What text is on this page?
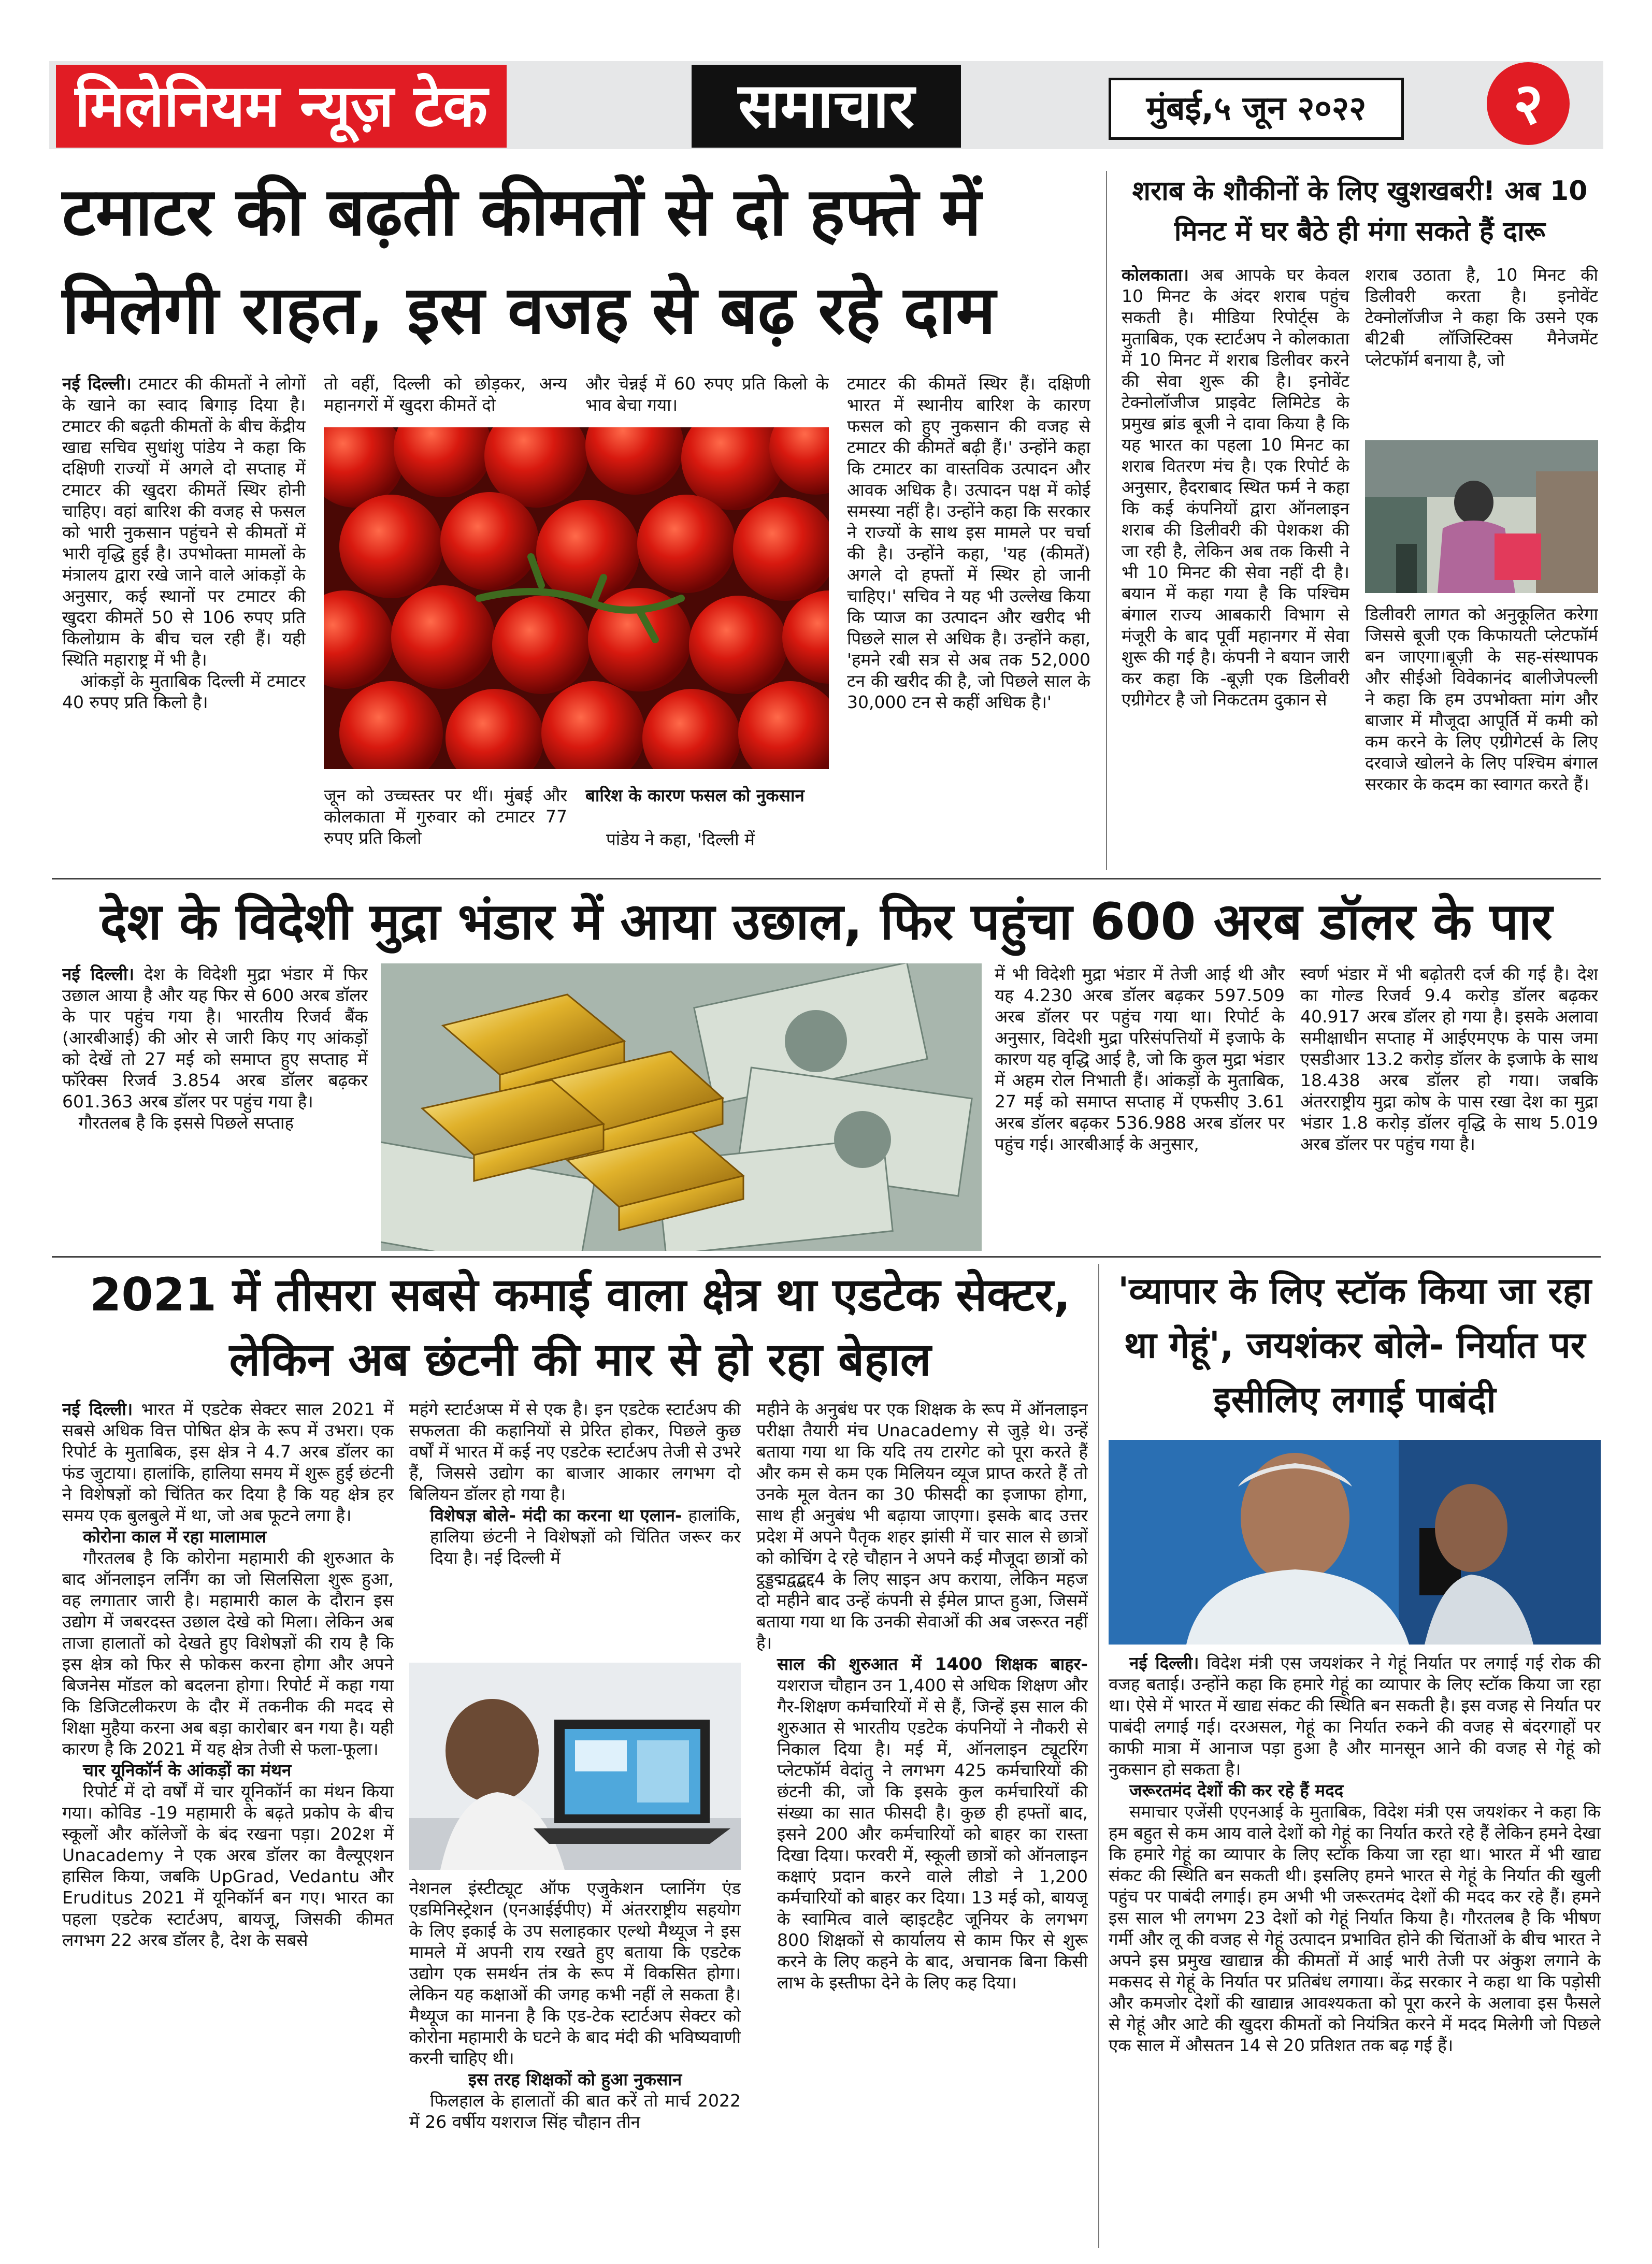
मिलेनियम न्यूज़ टेक	समाचार	मुंबई,५ जून २०२२	२
टमाटर की बढ़ती कीमतों से दो हफ्ते में
मिलेगी राहत, इस वजह से बढ़ रहे दाम

नई दिल्ली। टमाटर की कीमतों ने लोगों के खाने का स्वाद बिगाड़ दिया है। टमाटर की बढ़ती कीमतों के बीच केंद्रीय खाद्य सचिव सुधांशु पांडेय ने कहा कि दक्षिणी राज्यों में अगले दो सप्ताह में टमाटर की खुदरा कीमतें स्थिर होनी चाहिए। वहां बारिश की वजह से फसल को भारी नुकसान पहुंचने से कीमतों में भारी वृद्धि हुई है। उपभोक्ता मामलों के मंत्रालय द्वारा रखे जाने वाले आंकड़ों के अनुसार, कई स्थानों पर टमाटर की खुदरा कीमतें 50 से 106 रुपए प्रति किलोग्राम के बीच चल रही हैं। यही स्थिति महाराष्ट्र में भी है।

आंकड़ों के मुताबिक दिल्ली में टमाटर 40 रुपए प्रति किलो है।

तो वहीं, दिल्ली को छोड़कर, अन्य महानगरों में खुदरा कीमतें दो
और चेन्नई में 60 रुपए प्रति किलो के भाव बेचा गया।
जून को उच्चस्तर पर थीं। मुंबई और कोलकाता में गुरुवार को टमाटर 77 रुपए प्रति किलो
बारिश के कारण फसल को नुकसान
पांडेय ने कहा, 'दिल्ली में
टमाटर की कीमतें स्थिर हैं। दक्षिणी भारत में स्थानीय बारिश के कारण फसल को हुए नुकसान की वजह से टमाटर की कीमतें बढ़ी हैं।' उन्होंने कहा कि टमाटर का वास्तविक उत्पादन और आवक अधिक है। उत्पादन पक्ष में कोई समस्या नहीं है। उन्होंने कहा कि सरकार ने राज्यों के साथ इस मामले पर चर्चा की है। उन्होंने कहा, 'यह (कीमतें) अगले दो हफ्तों में स्थिर हो जानी चाहिए।' सचिव ने यह भी उल्लेख किया कि प्याज का उत्पादन और खरीद भी पिछले साल से अधिक है। उन्होंने कहा, 'हमने रबी सत्र से अब तक 52,000 टन की खरीद की है, जो पिछले साल के 30,000 टन से कहीं अधिक है।'
शराब के शौकीनों के लिए खुशखबरी! अब 10 मिनट में घर बैठे ही मंगा सकते हैं दारू

कोलकाता। अब आपके घर केवल 10 मिनट के अंदर शराब पहुंच सकती है। मीडिया रिपोर्ट्स के मुताबिक, एक स्टार्टअप ने कोलकाता में 10 मिनट में शराब डिलीवर करने की सेवा शुरू की है। इनोवेंट टेक्नोलॉजीज प्राइवेट लिमिटेड के प्रमुख ब्रांड बूजी ने दावा किया है कि यह भारत का पहला 10 मिनट का शराब वितरण मंच है। एक रिपोर्ट के अनुसार, हैदराबाद स्थित फर्म ने कहा कि कई कंपनियों द्वारा ऑनलाइन शराब की डिलीवरी की पेशकश की जा रही है, लेकिन अब तक किसी ने भी 10 मिनट की सेवा नहीं दी है।बयान में कहा गया है कि पश्चिम बंगाल राज्य आबकारी विभाग से मंजूरी के बाद पूर्वी महानगर में सेवा शुरू की गई है। कंपनी ने बयान जारी कर कहा कि -बूज़ी एक डिलीवरी एग्रीगेटर है जो निकटतम दुकान से

शराब उठाता है, 10 मिनट की डिलीवरी करता है। इनोवेंट टेक्नोलॉजीज ने कहा कि उसने एक बी2बी लॉजिस्टिक्स मैनेजमेंट प्लेटफॉर्म बनाया है, जो
डिलीवरी लागत को अनुकूलित करेगा जिससे बूजी एक किफायती प्लेटफॉर्म बन जाएगा।बूज़ी के सह-संस्थापक और सीईओ विवेकानंद बालीजेपल्ली ने कहा कि हम उपभोक्ता मांग और बाजार में मौजूदा आपूर्ति में कमी को कम करने के लिए एग्रीगेटर्स के लिए दरवाजे खोलने के लिए पश्चिम बंगाल सरकार के कदम का स्वागत करते हैं।
देश के विदेशी मुद्रा भंडार में आया उछाल, फिर पहुंचा 600 अरब डॉलर के पार

नई दिल्ली। देश के विदेशी मुद्रा भंडार में फिर उछाल आया है और यह फिर से 600 अरब डॉलर के पार पहुंच गया है। भारतीय रिजर्व बैंक (आरबीआई) की ओर से जारी किए गए आंकड़ों को देखें तो 27 मई को समाप्त हुए सप्ताह में फॉरेक्स रिजर्व 3.854 अरब डॉलर बढ़कर 601.363 अरब डॉलर पर पहुंच गया है।

गौरतलब है कि इससे पिछले सप्ताह

में भी विदेशी मुद्रा भंडार में तेजी आई थी और यह 4.230 अरब डॉलर बढ़कर 597.509 अरब डॉलर पर पहुंच गया था। रिपोर्ट के अनुसार, विदेशी मुद्रा परिसंपत्तियों में इजाफे के कारण यह वृद्धि आई है, जो कि कुल मुद्रा भंडार में अहम रोल निभाती हैं। आंकड़ों के मुताबिक, 27 मई को समाप्त सप्ताह में एफसीए 3.61 अरब डॉलर बढ़कर 536.988 अरब डॉलर पर पहुंच गई। आरबीआई के अनुसार,
स्वर्ण भंडार में भी बढ़ोतरी दर्ज की गई है। देश का गोल्ड रिजर्व 9.4 करोड़ डॉलर बढ़कर 40.917 अरब डॉलर हो गया है। इसके अलावा समीक्षाधीन सप्ताह में आईएमएफ के पास जमा एसडीआर 13.2 करोड़ डॉलर के इजाफे के साथ 18.438 अरब डॉलर हो गया। जबकि अंतरराष्ट्रीय मुद्रा कोष के पास रखा देश का मुद्रा भंडार 1.8 करोड़ डॉलर वृद्धि के साथ 5.019 अरब डॉलर पर पहुंच गया है।
2021 में तीसरा सबसे कमाई वाला क्षेत्र था एडटेक सेक्टर,
लेकिन अब छंटनी की मार से हो रहा बेहाल

नई दिल्ली। भारत में एडटेक सेक्टर साल 2021 में सबसे अधिक वित्त पोषित क्षेत्र के रूप में उभरा। एक रिपोर्ट के मुताबिक, इस क्षेत्र ने 4.7 अरब डॉलर का फंड जुटाया। हालांकि, हालिया समय में शुरू हुई छंटनी ने विशेषज्ञों को चिंतित कर दिया है कि यह क्षेत्र हर समय एक बुलबुले में था, जो अब फूटने लगा है।

कोरोना काल में रहा मालामाल

गौरतलब है कि कोरोना महामारी की शुरुआत के बाद ऑनलाइन लर्निंग का जो सिलसिला शुरू हुआ, वह लगातार जारी है। महामारी काल के दौरान इस उद्योग में जबरदस्त उछाल देखे को मिला। लेकिन अब ताजा हालातों को देखते हुए विशेषज्ञों की राय है कि इस क्षेत्र को फिर से फोकस करना होगा और अपने बिजनेस मॉडल को बदलना होगा। रिपोर्ट में कहा गया कि डिजिटलीकरण के दौर में तकनीक की मदद से शिक्षा मुहैया करना अब बड़ा कारोबार बन गया है। यही कारण है कि 2021 में यह क्षेत्र तेजी से फला-फूला।

चार यूनिकॉर्न के आंकड़ों का मंथन

रिपोर्ट में दो वर्षों में चार यूनिकॉर्न का मंथन किया गया। कोविड -19 महामारी के बढ़ते प्रकोप के बीच स्कूलों और कॉलेजों के बंद रखना पड़ा। 202श में Unacademy ने एक अरब डॉलर का वैल्यूएशन हासिल किया, जबकि UpGrad, Vedantu और Eruditus 2021 में यूनिकॉर्न बन गए। भारत का पहला एडटेक स्टार्टअप, बायजू, जिसकी कीमत लगभग 22 अरब डॉलर है, देश के सबसे

महंगे स्टार्टअप्स में से एक है। इन एडटेक स्टार्टअप की सफलता की कहानियों से प्रेरित होकर, पिछले कुछ वर्षों में भारत में कई नए एडटेक स्टार्टअप तेजी से उभरे हैं, जिससे उद्योग का बाजार आकार लगभग दो बिलियन डॉलर हो गया है।

विशेषज्ञ बोले- मंदी का करना था एलान- हालांकि, हालिया छंटनी ने विशेषज्ञों को चिंतित जरूर कर दिया है। नई दिल्ली में

नेशनल इंस्टीट्यूट ऑफ एजुकेशन प्लानिंग एंड एडमिनिस्ट्रेशन (एनआईईपीए) में अंतरराष्ट्रीय सहयोग के लिए इकाई के उप सलाहकार एल्थो मैथ्यूज ने इस मामले में अपनी राय रखते हुए बताया कि एडटेक उद्योग एक समर्थन तंत्र के रूप में विकसित होगा। लेकिन यह कक्षाओं की जगह कभी नहीं ले सकता है। मैथ्यूज का मानना है कि एड-टेक स्टार्टअप सेक्टर को कोरोना महामारी के घटने के बाद मंदी की भविष्यवाणी करनी चाहिए थी।

इस तरह शिक्षकों को हुआ नुकसान

फिलहाल के हालातों की बात करें तो मार्च 2022 में 26 वर्षीय यशराज सिंह चौहान तीन

महीने के अनुबंध पर एक शिक्षक के रूप में ऑनलाइन परीक्षा तैयारी मंच Unacademy से जुड़े थे। उन्हें बताया गया था कि यदि तय टारगेट को पूरा करते हैं और कम से कम एक मिलियन व्यूज प्राप्त करते हैं तो उनके मूल वेतन का 30 फीसदी का इजाफा होगा, साथ ही अनुबंध भी बढ़ाया जाएगा। इसके बाद उत्तर प्रदेश में अपने पैतृक शहर झांसी में चार साल से छात्रों को कोचिंग दे रहे चौहान ने अपने कई मौजूदा छात्रों को ट्ठड्डद्मद्वद्बद्द4 के लिए साइन अप कराया, लेकिन महज दो महीने बाद उन्हें कंपनी से ईमेल प्राप्त हुआ, जिसमें बताया गया था कि उनकी सेवाओं की अब जरूरत नहीं है।

साल की शुरुआत में 1400 शिक्षक बाहर- यशराज चौहान उन 1,400 से अधिक शिक्षण और गैर-शिक्षण कर्मचारियों में से हैं, जिन्हें इस साल की शुरुआत से भारतीय एडटेक कंपनियों ने नौकरी से निकाल दिया है। मई में, ऑनलाइन ट्यूटरिंग प्लेटफॉर्म वेदांतु ने लगभग 425 कर्मचारियों की छंटनी की, जो कि इसके कुल कर्मचारियों की संख्या का सात फीसदी है। कुछ ही हफ्तों बाद, इसने 200 और कर्मचारियों को बाहर का रास्ता दिखा दिया। फरवरी में, स्कूली छात्रों को ऑनलाइन कक्षाएं प्रदान करने वाले लीडो ने 1,200 कर्मचारियों को बाहर कर दिया। 13 मई को, बायजू के स्वामित्व वाले व्हाइटहैट जूनियर के लगभग 800 शिक्षकों से कार्यालय से काम फिर से शुरू करने के लिए कहने के बाद, अचानक बिना किसी लाभ के इस्तीफा देने के लिए कह दिया।

'व्यापार के लिए स्टॉक किया जा रहा था गेहूं', जयशंकर बोले- निर्यात पर इसीलिए लगाई पाबंदी

नई दिल्ली। विदेश मंत्री एस जयशंकर ने गेहूं निर्यात पर लगाई गई रोक की वजह बताई। उन्होंने कहा कि हमारे गेहूं का व्यापार के लिए स्टॉक किया जा रहा था। ऐसे में भारत में खाद्य संकट की स्थिति बन सकती है। इस वजह से निर्यात पर पाबंदी लगाई गई। दरअसल, गेहूं का निर्यात रुकने की वजह से बंदरगाहों पर काफी मात्रा में आनाज पड़ा हुआ है और मानसून आने की वजह से गेहूं को नुकसान हो सकता है।

जरूरतमंद देशों की कर रहे हैं मदद

समाचार एजेंसी एएनआई के मुताबिक, विदेश मंत्री एस जयशंकर ने कहा कि हम बहुत से कम आय वाले देशों को गेहूं का निर्यात करते रहे हैं लेकिन हमने देखा कि हमारे गेहूं का व्यापार के लिए स्टॉक किया जा रहा था। भारत में भी खाद्य संकट की स्थिति बन सकती थी। इसलिए हमने भारत से गेहूं के निर्यात की खुली पहुंच पर पाबंदी लगाई। हम अभी भी जरूरतमंद देशों की मदद कर रहे हैं। हमने इस साल भी लगभग 23 देशों को गेहूं निर्यात किया है। गौरतलब है कि भीषण गर्मी और लू की वजह से गेहूं उत्पादन प्रभावित होने की चिंताओं के बीच भारत ने अपने इस प्रमुख खाद्यान्न की कीमतों में आई भारी तेजी पर अंकुश लगाने के मकसद से गेहूं के निर्यात पर प्रतिबंध लगाया। केंद्र सरकार ने कहा था कि पड़ोसी और कमजोर देशों की खाद्यान्न आवश्यकता को पूरा करने के अलावा इस फैसले से गेहूं और आटे की खुदरा कीमतों को नियंत्रित करने में मदद मिलेगी जो पिछले एक साल में औसतन 14 से 20 प्रतिशत तक बढ़ गई हैं।
